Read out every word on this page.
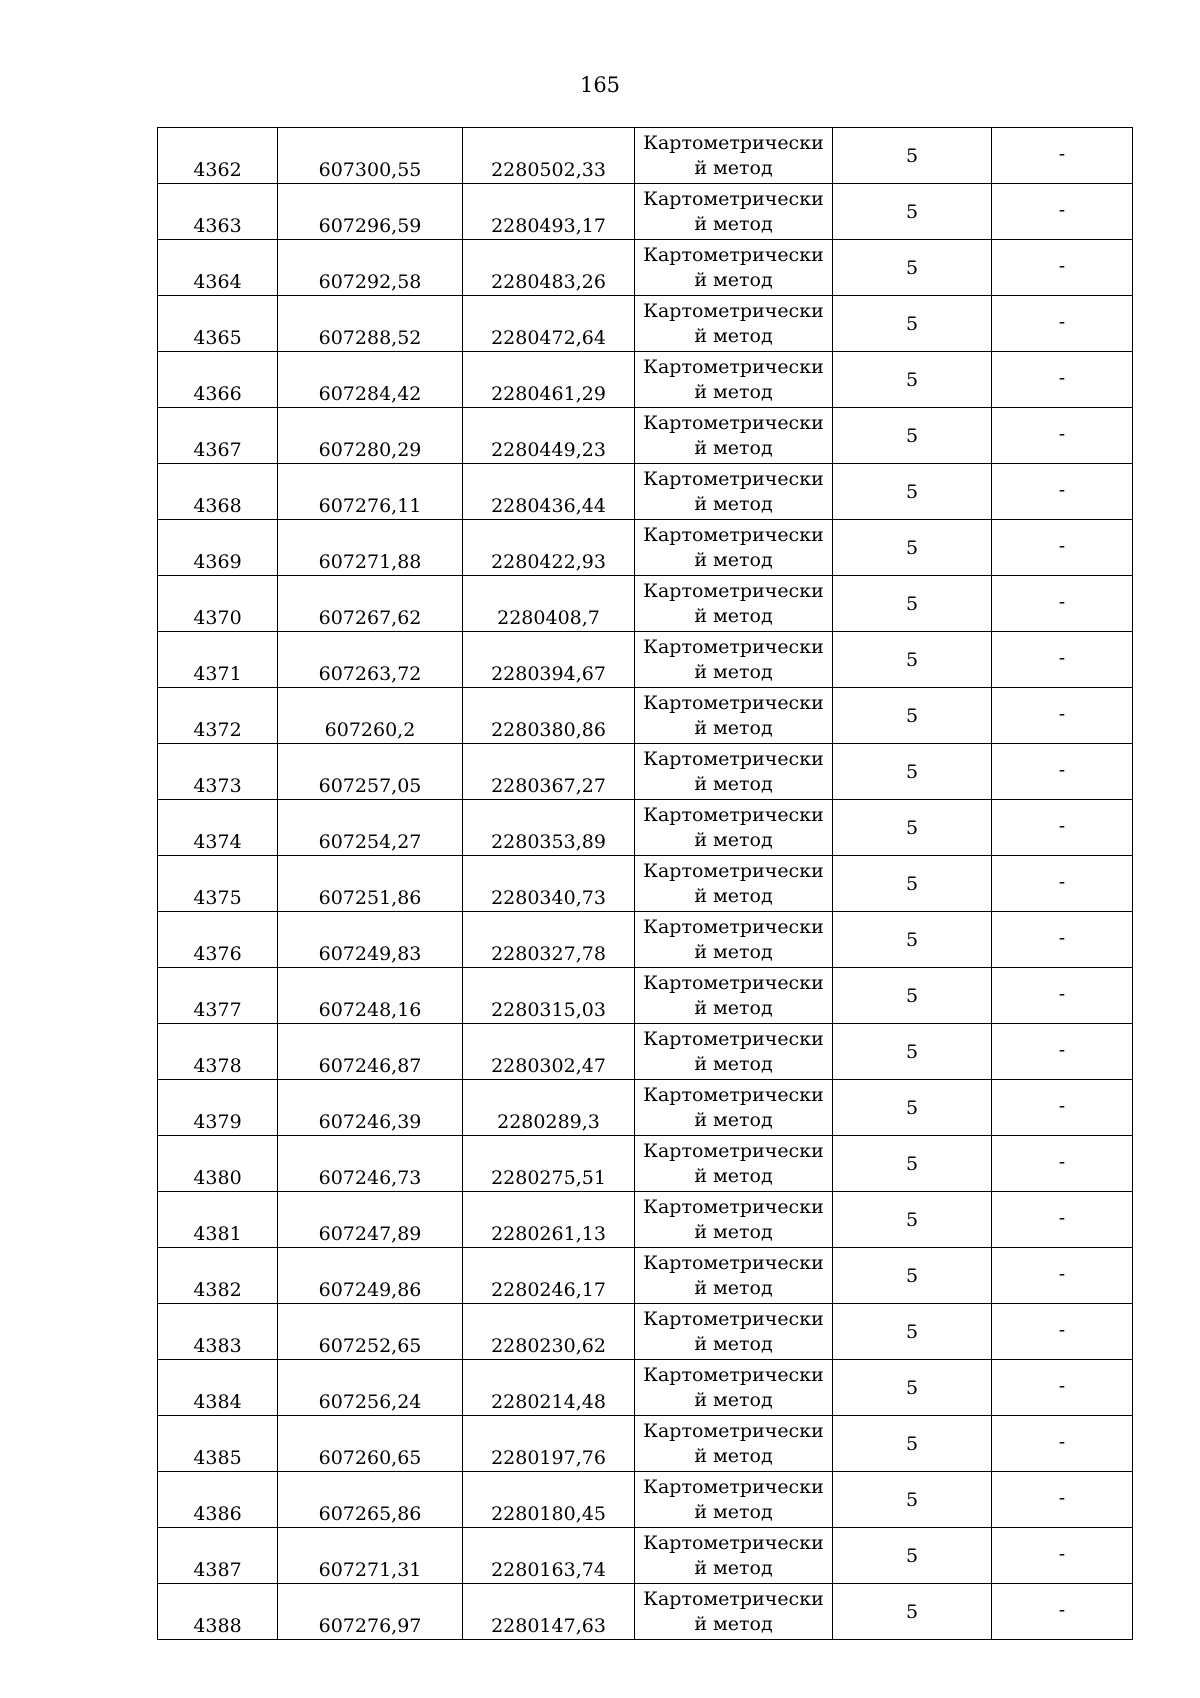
165
4362	607300,55	2280502,33	Картометрически
й метод	5	-
4363	607296,59	2280493,17	Картометрически
й метод	5	-
4364	607292,58	2280483,26	Картометрически
й метод	5	-
4365	607288,52	2280472,64	Картометрически
й метод	5	-
4366	607284,42	2280461,29	Картометрически
й метод	5	-
4367	607280,29	2280449,23	Картометрически
й метод	5	-
4368	607276,11	2280436,44	Картометрически
й метод	5	-
4369	607271,88	2280422,93	Картометрически
й метод	5	-
4370	607267,62	2280408,7	Картометрически
й метод	5	-
4371	607263,72	2280394,67	Картометрически
й метод	5	-
4372	607260,2	2280380,86	Картометрически
й метод	5	-
4373	607257,05	2280367,27	Картометрически
й метод	5	-
4374	607254,27	2280353,89	Картометрически
й метод	5	-
4375	607251,86	2280340,73	Картометрически
й метод	5	-
4376	607249,83	2280327,78	Картометрически
й метод	5	-
4377	607248,16	2280315,03	Картометрически
й метод	5	-
4378	607246,87	2280302,47	Картометрически
й метод	5	-
4379	607246,39	2280289,3	Картометрически
й метод	5	-
4380	607246,73	2280275,51	Картометрически
й метод	5	-
4381	607247,89	2280261,13	Картометрически
й метод	5	-
4382	607249,86	2280246,17	Картометрически
й метод	5	-
4383	607252,65	2280230,62	Картометрически
й метод	5	-
4384	607256,24	2280214,48	Картометрически
й метод	5	-
4385	607260,65	2280197,76	Картометрически
й метод	5	-
4386	607265,86	2280180,45	Картометрически
й метод	5	-
4387	607271,31	2280163,74	Картометрически
й метод	5	-
4388	607276,97	2280147,63	Картометрически
й метод	5	-
